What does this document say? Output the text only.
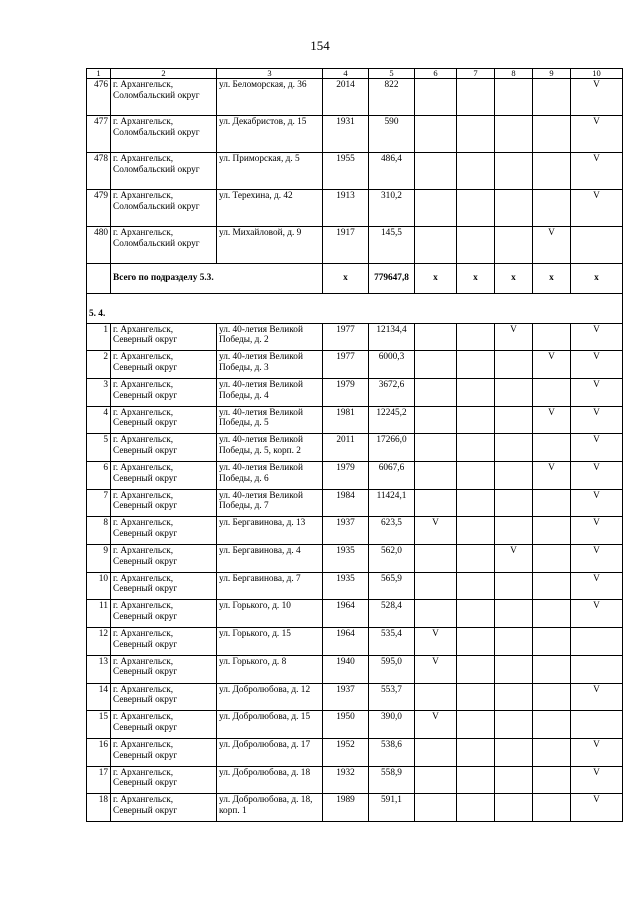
154
1	2	3	4	5	6	7	8	9	10
476	г. Архангельск, Соломбальский округ	ул. Беломорская, д. 36	2014	822					V
477	г. Архангельск, Соломбальский округ	ул. Декабристов, д. 15	1931	590					V
478	г. Архангельск, Соломбальский округ	ул. Приморская, д. 5	1955	486,4					V
479	г. Архангельск, Соломбальский округ	ул. Терехина, д. 42	1913	310,2					V
480	г. Архангельск, Соломбальский округ	ул. Михайловой, д. 9	1917	145,5				V	
	Всего по подразделу 5.3.		x	779647,8	x	x	x	x	x
5. 4.									
1	г. Архангельск, Северный округ	ул. 40-летия Великой Победы, д. 2	1977	12134,4			V		V
2	г. Архангельск, Северный округ	ул. 40-летия Великой Победы, д. 3	1977	6000,3				V	V
3	г. Архангельск, Северный округ	ул. 40-летия Великой Победы, д. 4	1979	3672,6					V
4	г. Архангельск, Северный округ	ул. 40-летия Великой Победы, д. 5	1981	12245,2				V	V
5	г. Архангельск, Северный округ	ул. 40-летия Великой Победы, д. 5, корп. 2	2011	17266,0					V
6	г. Архангельск, Северный округ	ул. 40-летия Великой Победы, д. 6	1979	6067,6				V	V
7	г. Архангельск, Северный округ	ул. 40-летия Великой Победы, д. 7	1984	11424,1					V
8	г. Архангельск, Северный округ	ул. Бергавинова, д. 13	1937	623,5	V				V
9	г. Архангельск, Северный округ	ул. Бергавинова, д. 4	1935	562,0			V		V
10	г. Архангельск, Северный округ	ул. Бергавинова, д. 7	1935	565,9					V
11	г. Архангельск, Северный округ	ул. Горького, д. 10	1964	528,4					V
12	г. Архангельск, Северный округ	ул. Горького, д. 15	1964	535,4	V				
13	г. Архангельск, Северный округ	ул. Горького, д. 8	1940	595,0	V				
14	г. Архангельск, Северный округ	ул. Добролюбова, д. 12	1937	553,7					V
15	г. Архангельск, Северный округ	ул. Добролюбова, д. 15	1950	390,0	V				
16	г. Архангельск, Северный округ	ул. Добролюбова, д. 17	1952	538,6					V
17	г. Архангельск, Северный округ	ул. Добролюбова, д. 18	1932	558,9					V
18	г. Архангельск, Северный округ	ул. Добролюбова, д. 18, корп. 1	1989	591,1					V
